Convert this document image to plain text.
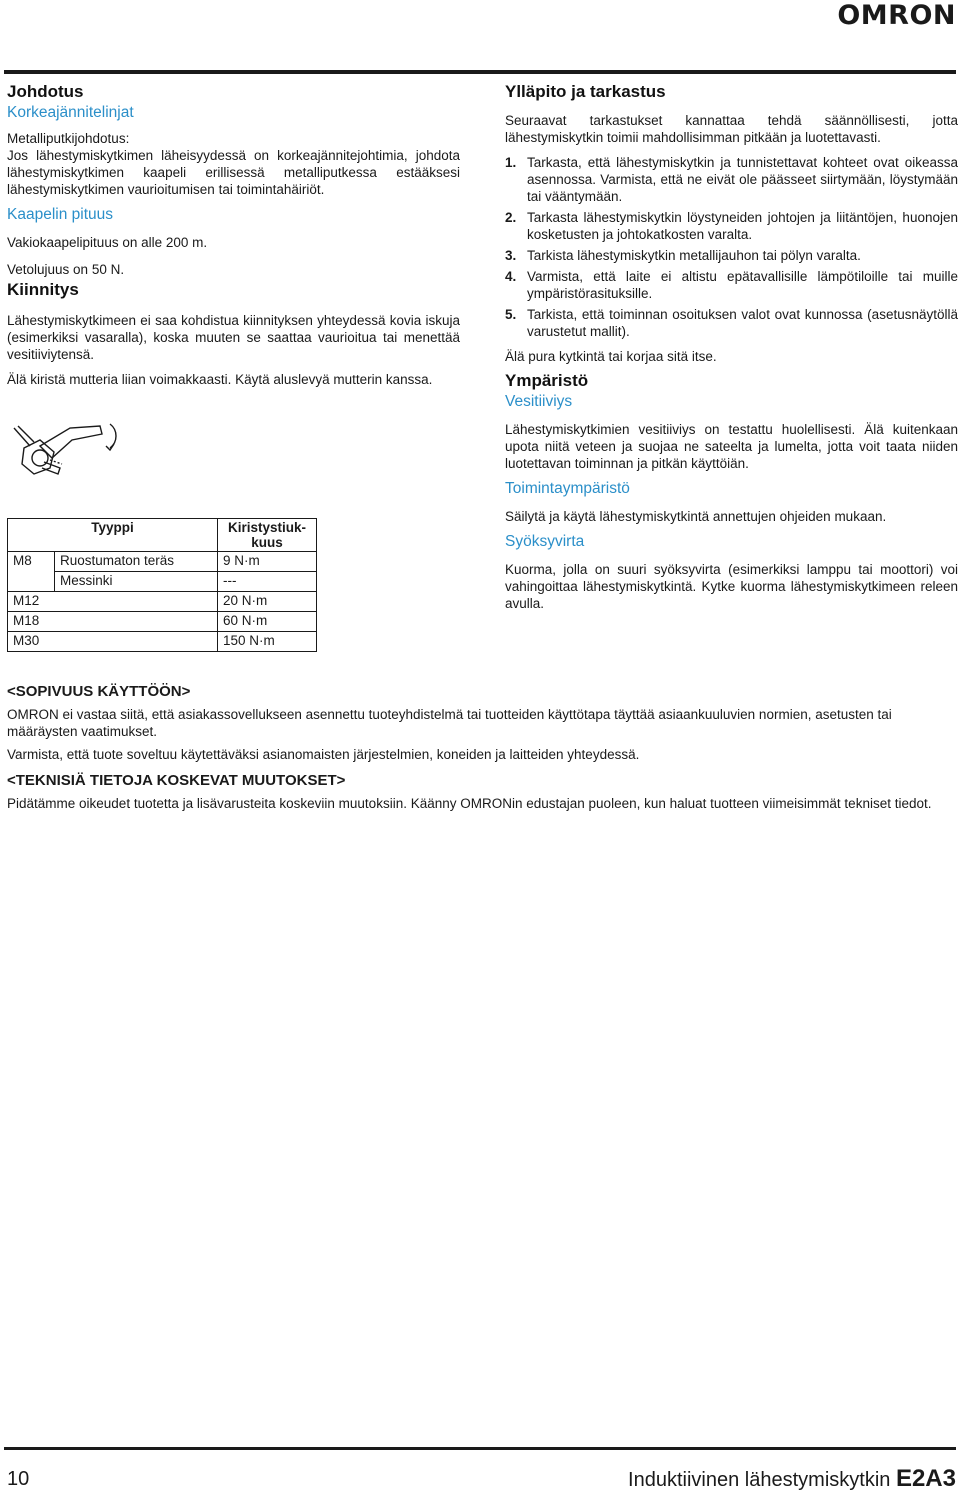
OMRON
Johdotus
Korkeajännitelinjat

Metalliputkijohdotus:

Jos lähestymiskytkimen läheisyydessä on korkeajännitejohtimia, johdota lähestymiskytkimen kaapeli erillisessä metalliputkessa estääksesi lähestymiskytkimen vaurioitumisen tai toimintahäiriöt.

Kaapelin pituus

Vakiokaapelipituus on alle 200 m.

Vetolujuus on 50 N.

Kiinnitys

Lähestymiskytkimeen ei saa kohdistua kiinnityksen yhteydessä kovia iskuja (esimerkiksi vasaralla), koska muuten se saattaa vaurioitua tai menettää vesitiiviytensä.

Älä kiristä mutteria liian voimakkaasti. Käytä aluslevyä mutterin kanssa.

Tyyppi		Kiristystiuk-kuus
M8	Ruostumaton teräs	9 N·m
	Messinki	---
M12		20 N·m
M18		60 N·m
M30		150 N·m
Ylläpito ja tarkastus

Seuraavat tarkastukset kannattaa tehdä säännöllisesti, jotta lähestymiskytkin toimii mahdollisimman pitkään ja luotettavasti.

1. Tarkasta, että lähestymiskytkin ja tunnistettavat kohteet ovat oikeassa asennossa. Varmista, että ne eivät ole päässeet siirtymään, löystymään tai vääntymään.
2. Tarkasta lähestymiskytkin löystyneiden johtojen ja liitäntöjen, huonojen kosketusten ja johtokatkosten varalta.
3. Tarkista lähestymiskytkin metallijauhon tai pölyn varalta.
4. Varmista, että laite ei altistu epätavallisille lämpötiloille tai muille ympäristörasituksille.
5. Tarkista, että toiminnan osoituksen valot ovat kunnossa (asetusnäytöllä varustetut mallit).

Älä pura kytkintä tai korjaa sitä itse.

Ympäristö
Vesitiiviys

Lähestymiskytkimien vesitiiviys on testattu huolellisesti. Älä kuitenkaan upota niitä veteen ja suojaa ne sateelta ja lumelta, jotta voit taata niiden luotettavan toiminnan ja pitkän käyttöiän.

Toimintaympäristö

Säilytä ja käytä lähestymiskytkintä annettujen ohjeiden mukaan.

Syöksyvirta

Kuorma, jolla on suuri syöksyvirta (esimerkiksi lamppu tai moottori) voi vahingoittaa lähestymiskytkintä. Kytke kuorma lähestymiskytkimeen releen avulla.

<SOPIVUUS KÄYTTÖÖN>

OMRON ei vastaa siitä, että asiakassovellukseen asennettu tuoteyhdistelmä tai tuotteiden käyttötapa täyttää asiaankuuluvien normien, asetusten tai määräysten vaatimukset.

Varmista, että tuote soveltuu käytettäväksi asianomaisten järjestelmien, koneiden ja laitteiden yhteydessä.

<TEKNISIÄ TIETOJA KOSKEVAT MUUTOKSET>

Pidätämme oikeudet tuotetta ja lisävarusteita koskeviin muutoksiin. Käänny OMRONin edustajan puoleen, kun haluat tuotteen viimeisimmät tekniset tiedot.

10	Induktiivinen lähestymiskytkin E2A3
